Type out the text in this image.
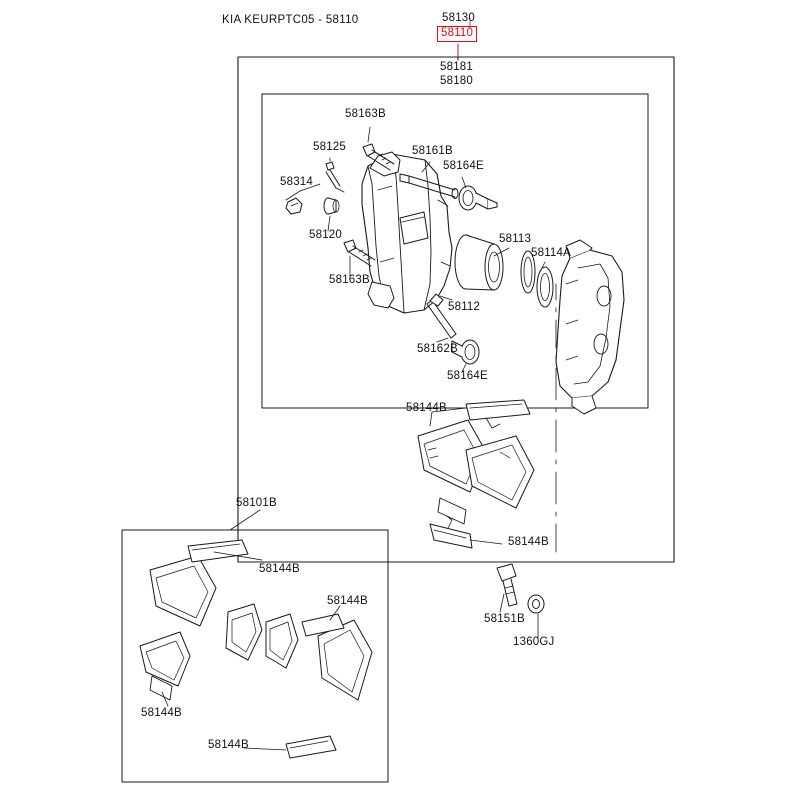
KIA KEURPTC05 - 58110	58130
58110
58181
58180
58163B
58125	58161B
58164E
58314
58120	58113
58114A
58163B
58112
58162B
58164E
58144B
58101B
58144B
58144B
58144B
58151B
1360GJ
58144B
58144B
